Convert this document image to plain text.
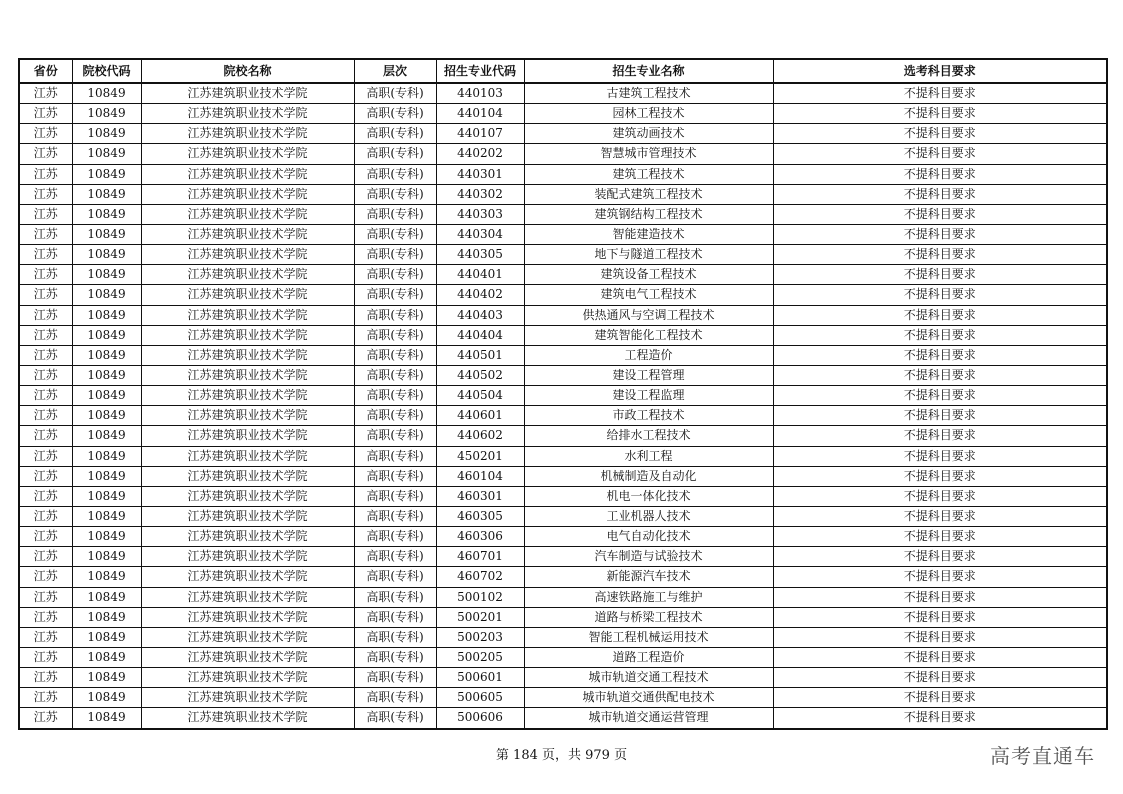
省份	院校代码	院校名称	层次	招生专业代码	招生专业名称	选考科目要求
江苏	10849	江苏建筑职业技术学院	高职(专科)	440103	古建筑工程技术	不提科目要求
江苏	10849	江苏建筑职业技术学院	高职(专科)	440104	园林工程技术	不提科目要求
江苏	10849	江苏建筑职业技术学院	高职(专科)	440107	建筑动画技术	不提科目要求
江苏	10849	江苏建筑职业技术学院	高职(专科)	440202	智慧城市管理技术	不提科目要求
江苏	10849	江苏建筑职业技术学院	高职(专科)	440301	建筑工程技术	不提科目要求
江苏	10849	江苏建筑职业技术学院	高职(专科)	440302	装配式建筑工程技术	不提科目要求
江苏	10849	江苏建筑职业技术学院	高职(专科)	440303	建筑钢结构工程技术	不提科目要求
江苏	10849	江苏建筑职业技术学院	高职(专科)	440304	智能建造技术	不提科目要求
江苏	10849	江苏建筑职业技术学院	高职(专科)	440305	地下与隧道工程技术	不提科目要求
江苏	10849	江苏建筑职业技术学院	高职(专科)	440401	建筑设备工程技术	不提科目要求
江苏	10849	江苏建筑职业技术学院	高职(专科)	440402	建筑电气工程技术	不提科目要求
江苏	10849	江苏建筑职业技术学院	高职(专科)	440403	供热通风与空调工程技术	不提科目要求
江苏	10849	江苏建筑职业技术学院	高职(专科)	440404	建筑智能化工程技术	不提科目要求
江苏	10849	江苏建筑职业技术学院	高职(专科)	440501	工程造价	不提科目要求
江苏	10849	江苏建筑职业技术学院	高职(专科)	440502	建设工程管理	不提科目要求
江苏	10849	江苏建筑职业技术学院	高职(专科)	440504	建设工程监理	不提科目要求
江苏	10849	江苏建筑职业技术学院	高职(专科)	440601	市政工程技术	不提科目要求
江苏	10849	江苏建筑职业技术学院	高职(专科)	440602	给排水工程技术	不提科目要求
江苏	10849	江苏建筑职业技术学院	高职(专科)	450201	水利工程	不提科目要求
江苏	10849	江苏建筑职业技术学院	高职(专科)	460104	机械制造及自动化	不提科目要求
江苏	10849	江苏建筑职业技术学院	高职(专科)	460301	机电一体化技术	不提科目要求
江苏	10849	江苏建筑职业技术学院	高职(专科)	460305	工业机器人技术	不提科目要求
江苏	10849	江苏建筑职业技术学院	高职(专科)	460306	电气自动化技术	不提科目要求
江苏	10849	江苏建筑职业技术学院	高职(专科)	460701	汽车制造与试验技术	不提科目要求
江苏	10849	江苏建筑职业技术学院	高职(专科)	460702	新能源汽车技术	不提科目要求
江苏	10849	江苏建筑职业技术学院	高职(专科)	500102	高速铁路施工与维护	不提科目要求
江苏	10849	江苏建筑职业技术学院	高职(专科)	500201	道路与桥梁工程技术	不提科目要求
江苏	10849	江苏建筑职业技术学院	高职(专科)	500203	智能工程机械运用技术	不提科目要求
江苏	10849	江苏建筑职业技术学院	高职(专科)	500205	道路工程造价	不提科目要求
江苏	10849	江苏建筑职业技术学院	高职(专科)	500601	城市轨道交通工程技术	不提科目要求
江苏	10849	江苏建筑职业技术学院	高职(专科)	500605	城市轨道交通供配电技术	不提科目要求
江苏	10849	江苏建筑职业技术学院	高职(专科)	500606	城市轨道交通运营管理	不提科目要求
第 184 页，共 979 页	高考直通车
